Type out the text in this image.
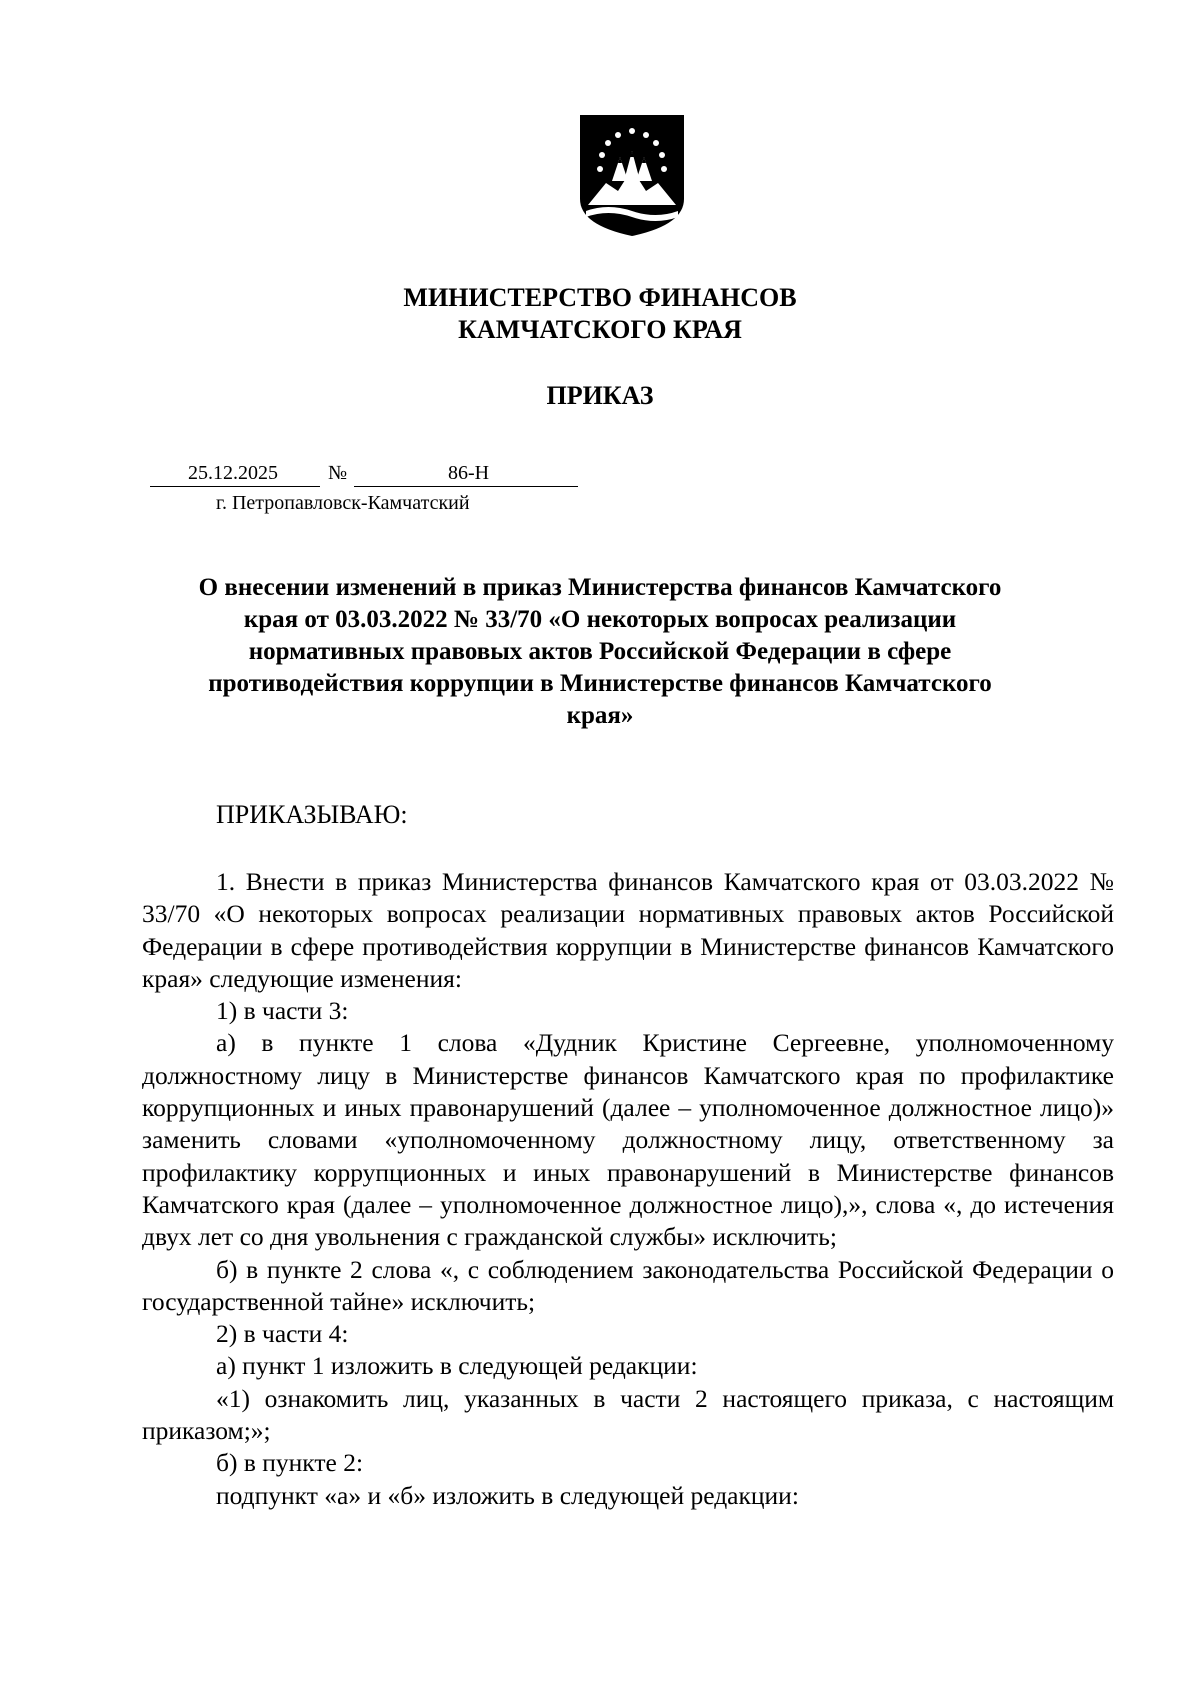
МИНИСТЕРСТВО ФИНАНСОВ
КАМЧАТСКОГО КРАЯ
ПРИКАЗ
25.12.2025	№	86-Н
г. Петропавловск-Камчатский
О внесении изменений в приказ Министерства финансов Камчатского
края от 03.03.2022 № 33/70 «О некоторых вопросах реализации
нормативных правовых актов Российской Федерации в сфере
противодействия коррупции в Министерстве финансов Камчатского
края»
ПРИКАЗЫВАЮ:

1. Внести в приказ Министерства финансов Камчатского края от 03.03.2022 № 33/70 «О некоторых вопросах реализации нормативных правовых актов Российской Федерации в сфере противодействия коррупции в Министерстве финансов Камчатского края» следующие изменения:

1) в части 3:

а) в пункте 1 слова «Дудник Кристине Сергеевне, уполномоченному должностному лицу в Министерстве финансов Камчатского края по профилактике коррупционных и иных правонарушений (далее – уполномоченное должностное лицо)» заменить словами «уполномоченному должностному лицу, ответственному за профилактику коррупционных и иных правонарушений в Министерстве финансов Камчатского края (далее – уполномоченное должностное лицо),», слова «, до истечения двух лет со дня увольнения с гражданской службы» исключить;

б) в пункте 2 слова «, с соблюдением законодательства Российской Федерации о государственной тайне» исключить;

2) в части 4:

а) пункт 1 изложить в следующей редакции:

«1) ознакомить лиц, указанных в части 2 настоящего приказа, с настоящим приказом;»;

б) в пункте 2:

подпункт «а» и «б» изложить в следующей редакции:
